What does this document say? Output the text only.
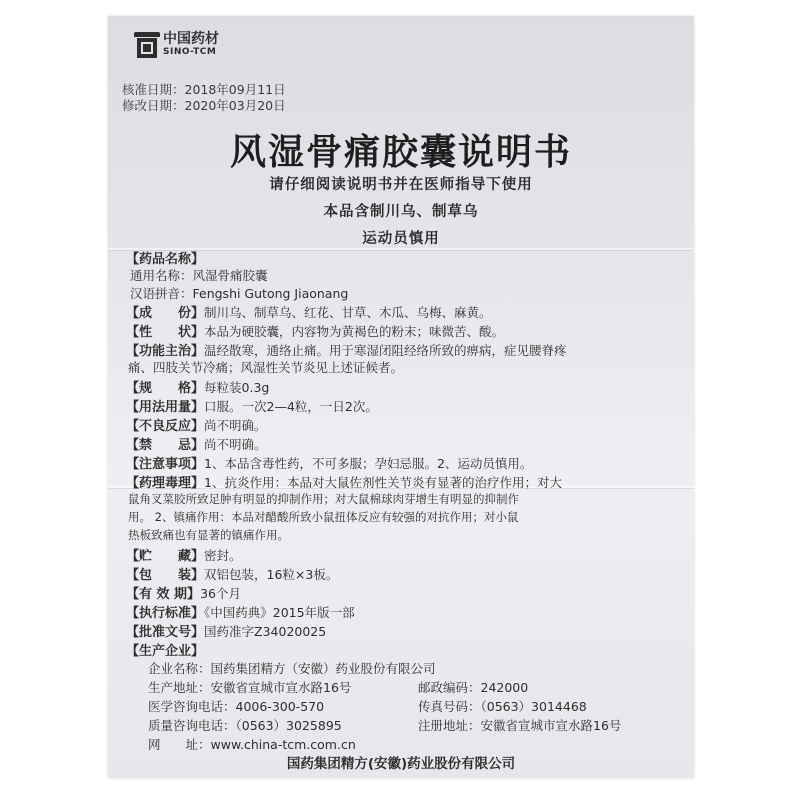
中国药材
SINO-TCM
核准日期：2018年09月11日
修改日期：2020年03月20日
风湿骨痛胶囊说明书
请仔细阅读说明书并在医师指导下使用
本品含制川乌、制草乌
运动员慎用
【药品名称】
通用名称：风湿骨痛胶囊
汉语拼音：Fengshi Gutong Jiaonang
【成　　份】制川乌、制草乌、红花、甘草、木瓜、乌梅、麻黄。
【性　　状】本品为硬胶囊，内容物为黄褐色的粉末；味微苦、酸。
【功能主治】温经散寒，通络止痛。用于寒湿闭阻经络所致的痹病，症见腰脊疼
痛、四肢关节冷痛；风湿性关节炎见上述证候者。
【规　　格】每粒装0.3g
【用法用量】口服。一次2—4粒，一日2次。
【不良反应】尚不明确。
【禁　　忌】尚不明确。
【注意事项】1、本品含毒性药，不可多服；孕妇忌服。2、运动员慎用。
【药理毒理】1、抗炎作用：本品对大鼠佐剂性关节炎有显著的治疗作用；对大
鼠角叉菜胶所致足肿有明显的抑制作用；对大鼠棉球肉芽增生有明显的抑制作
用。 2、镇痛作用：本品对醋酸所致小鼠扭体反应有较强的对抗作用；对小鼠
热板致痛也有显著的镇痛作用。
【贮　　藏】密封。
【包　　装】双铝包装，16粒×3板。
【有 效 期】36个月
【执行标准】《中国药典》2015年版一部
【批准文号】国药准字Z34020025
【生产企业】
企业名称：国药集团精方（安徽）药业股份有限公司
生产地址：安徽省宣城市宣水路16号	邮政编码：242000
医学咨询电话：4006-300-570	传真号码：（0563）3014468
质量咨询电话：（0563）3025895	注册地址：安徽省宣城市宣水路16号
网　　址：www.china-tcm.com.cn
国药集团精方(安徽)药业股份有限公司
